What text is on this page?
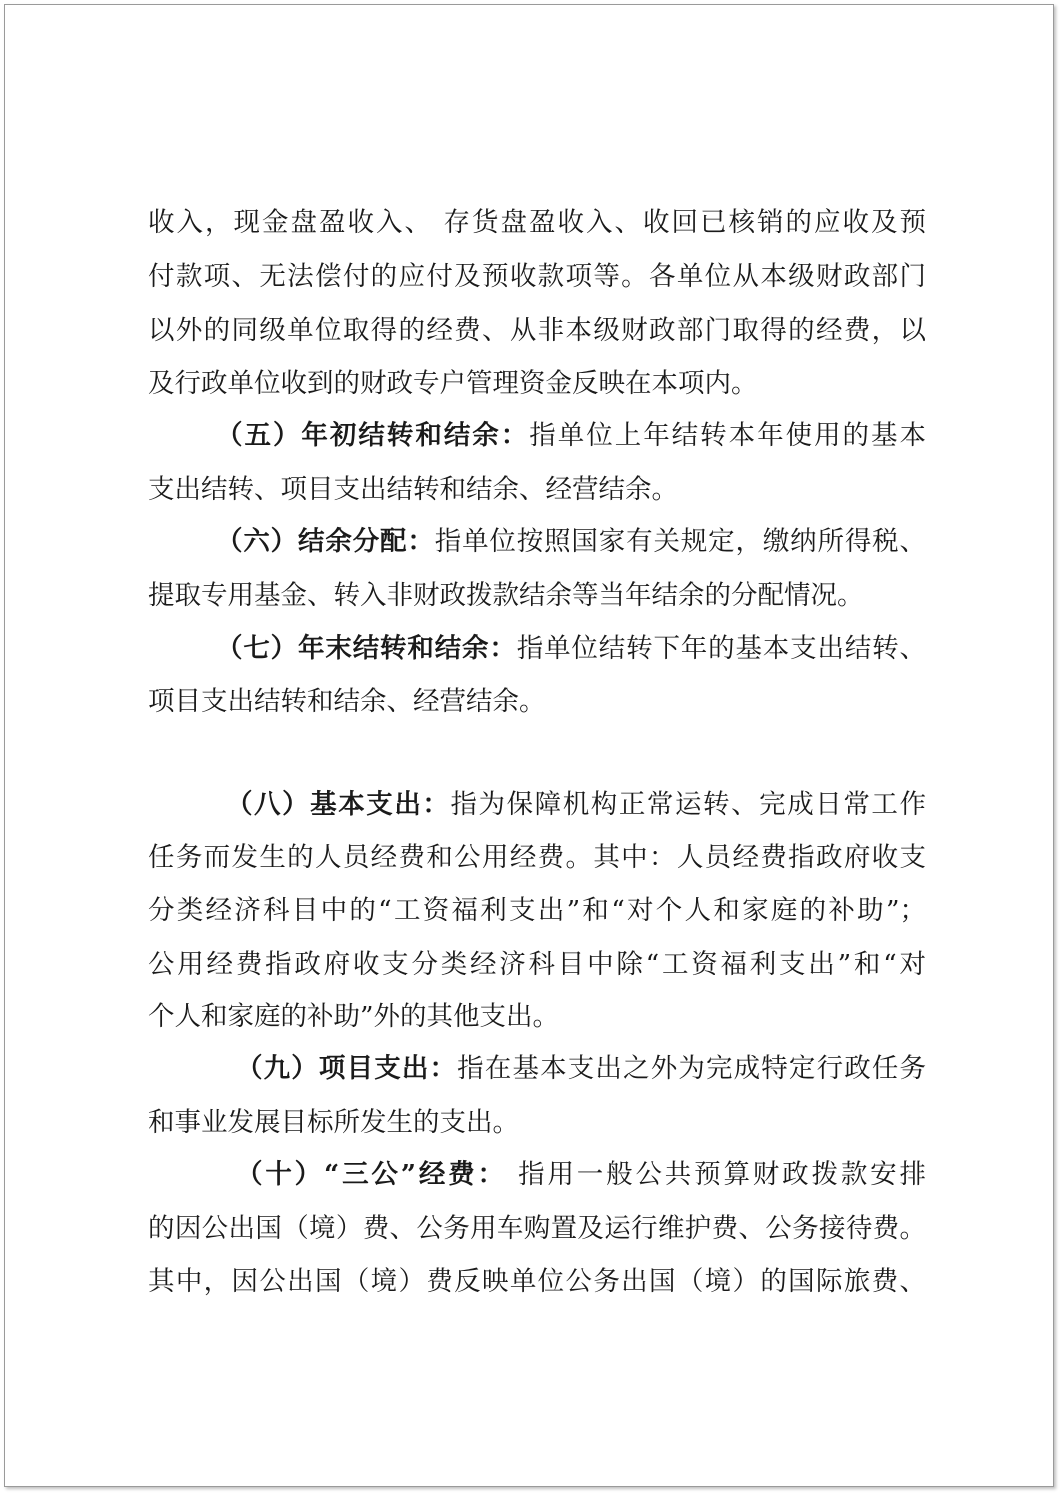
收入，现金盘盈收入、 存货盘盈收入、收回已核销的应收及预
付款项、无法偿付的应付及预收款项等。各单位从本级财政部门
以外的同级单位取得的经费、从非本级财政部门取得的经费，以
及行政单位收到的财政专户管理资金反映在本项内。
（五）年初结转和结余：指单位上年结转本年使用的基本
支出结转、项目支出结转和结余、经营结余。
（六）结余分配：指单位按照国家有关规定，缴纳所得税、
提取专用基金、转入非财政拨款结余等当年结余的分配情况。
（七）年末结转和结余：指单位结转下年的基本支出结转、
项目支出结转和结余、经营结余。
（八）基本支出：指为保障机构正常运转、完成日常工作
任务而发生的人员经费和公用经费。其中：人员经费指政府收支
分类经济科目中的“工资福利支出”和“对个人和家庭的补助”；
公用经费指政府收支分类经济科目中除“工资福利支出”和“对
个人和家庭的补助”外的其他支出。
（九）项目支出：指在基本支出之外为完成特定行政任务
和事业发展目标所发生的支出。
（十）“三公”经费： 指用一般公共预算财政拨款安排
的因公出国（境）费、公务用车购置及运行维护费、公务接待费。
其中，因公出国（境）费反映单位公务出国（境）的国际旅费、
